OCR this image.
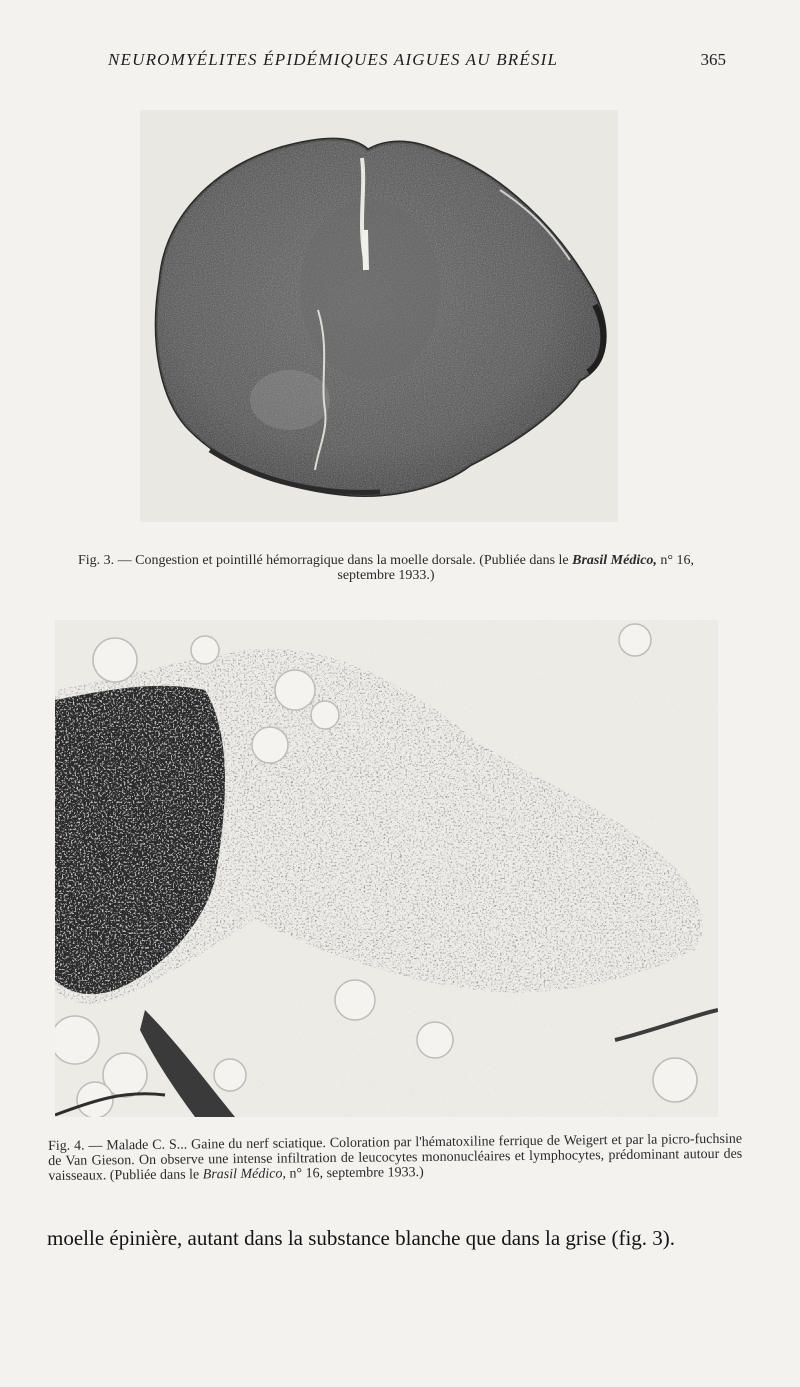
NEUROMYÉLITES ÉPIDÉMIQUES AIGUES AU BRÉSIL	365

Fig. 3. — Congestion et pointillé hémorragique dans la moelle dorsale. (Publiée dans le Brasil Médico, n° 16, septembre 1933.)

Fig. 4. — Malade C. S... Gaine du nerf sciatique. Coloration par l'hématoxiline ferrique de Weigert et par la picro-fuchsine de Van Gieson. On observe une intense infiltration de leucocytes mononucléaires et lymphocytes, prédominant autour des vaisseaux. (Publiée dans le Brasil Médico, n° 16, septembre 1933.)

moelle épinière, autant dans la substance blanche que dans la grise (fig. 3).
